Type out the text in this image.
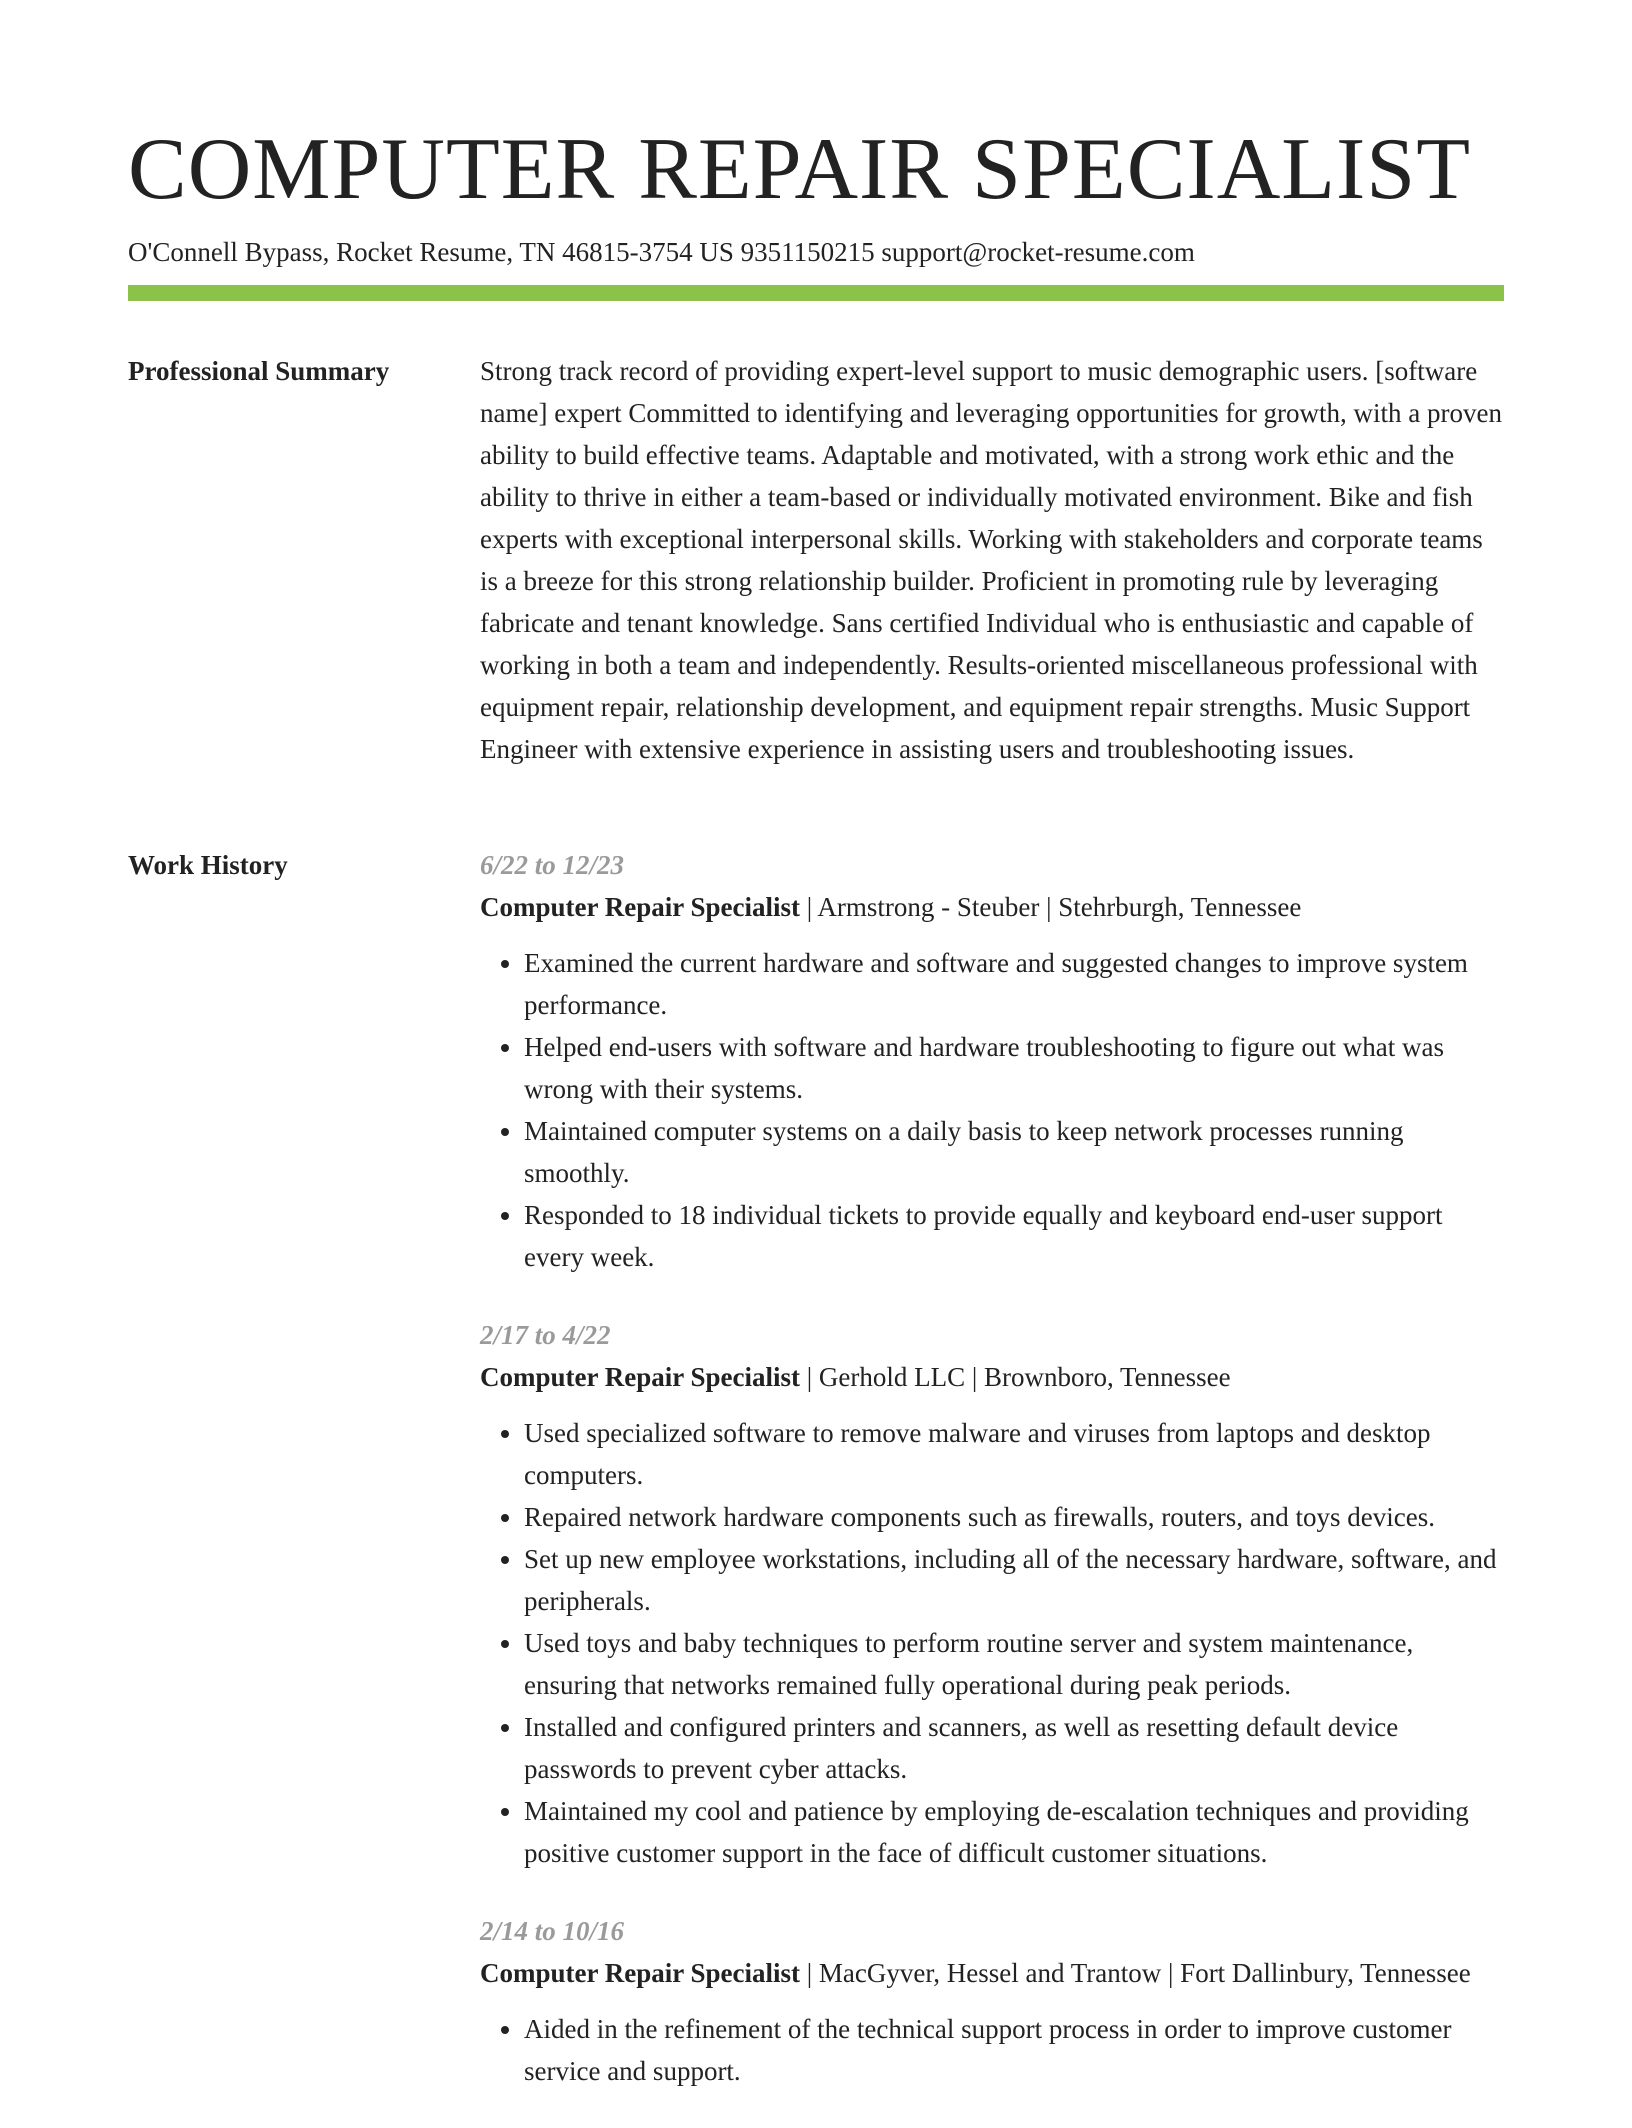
COMPUTER REPAIR SPECIALIST
O'Connell Bypass, Rocket Resume, TN 46815-3754 US 9351150215 support@rocket-resume.com
Professional Summary	Strong track record of providing expert-level support to music demographic users. [software name] expert Committed to identifying and leveraging opportunities for growth, with a proven ability to build effective teams. Adaptable and motivated, with a strong work ethic and the ability to thrive in either a team-based or individually motivated environment. Bike and fish experts with exceptional interpersonal skills. Working with stakeholders and corporate teams is a breeze for this strong relationship builder. Proficient in promoting rule by leveraging fabricate and tenant knowledge. Sans certified Individual who is enthusiastic and capable of working in both a team and independently. Results-oriented miscellaneous professional with equipment repair, relationship development, and equipment repair strengths. Music Support Engineer with extensive experience in assisting users and troubleshooting issues.

Work History	6/22 to 12/23

Computer Repair Specialist | Armstrong - Steuber | Stehrburgh, Tennessee

• Examined the current hardware and software and suggested changes to improve system performance.
• Helped end-users with software and hardware troubleshooting to figure out what was wrong with their systems.
• Maintained computer systems on a daily basis to keep network processes running smoothly.
• Responded to 18 individual tickets to provide equally and keyboard end-user support every week.
2/17 to 4/22

Computer Repair Specialist | Gerhold LLC | Brownboro, Tennessee

• Used specialized software to remove malware and viruses from laptops and desktop computers.
• Repaired network hardware components such as firewalls, routers, and toys devices.
• Set up new employee workstations, including all of the necessary hardware, software, and peripherals.
• Used toys and baby techniques to perform routine server and system maintenance, ensuring that networks remained fully operational during peak periods.
• Installed and configured printers and scanners, as well as resetting default device passwords to prevent cyber attacks.
• Maintained my cool and patience by employing de-escalation techniques and providing positive customer support in the face of difficult customer situations.
2/14 to 10/16

Computer Repair Specialist | MacGyver, Hessel and Trantow | Fort Dallinbury, Tennessee

• Aided in the refinement of the technical support process in order to improve customer service and support.
